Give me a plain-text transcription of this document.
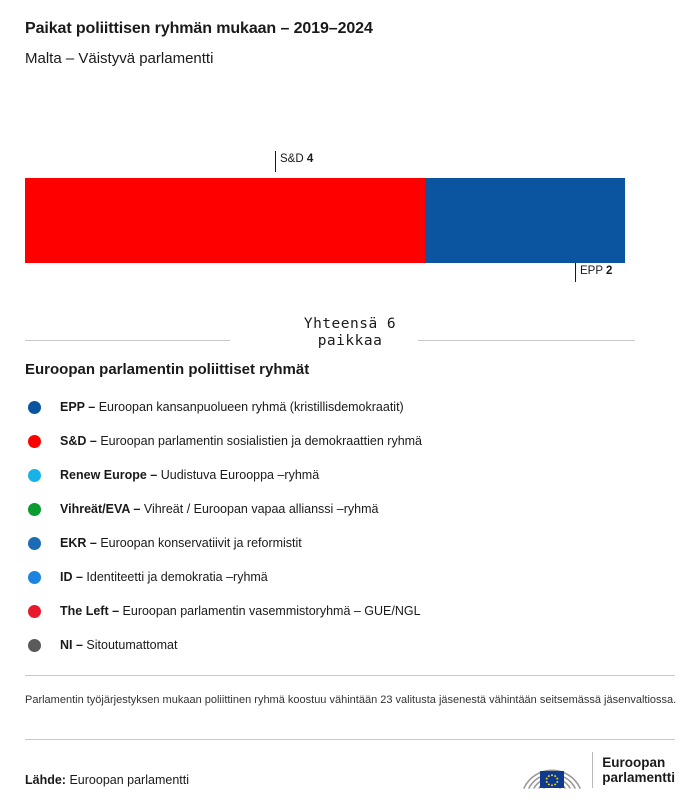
Paikat poliittisen ryhmän mukaan – 2019–2024
Malta – Väistyvä parlamentti
S&D 4
EPP 2
Yhteensä 6
paikkaa
Euroopan parlamentin poliittiset ryhmät
EPP – Euroopan kansanpuolueen ryhmä (kristillisdemokraatit)
S&D – Euroopan parlamentin sosialistien ja demokraattien ryhmä
Renew Europe – Uudistuva Eurooppa –ryhmä
Vihreät/EVA – Vihreät / Euroopan vapaa allianssi –ryhmä
EKR – Euroopan konservatiivit ja reformistit
ID – Identiteetti ja demokratia –ryhmä
The Left – Euroopan parlamentin vasemmistoryhmä – GUE/NGL
NI – Sitoutumattomat
Parlamentin työjärjestyksen mukaan poliittinen ryhmä koostuu vähintään 23 valitusta jäsenestä vähintään seitsemässä jäsenvaltiossa.
Lähde: Euroopan parlamentti
Euroopan
parlamentti
